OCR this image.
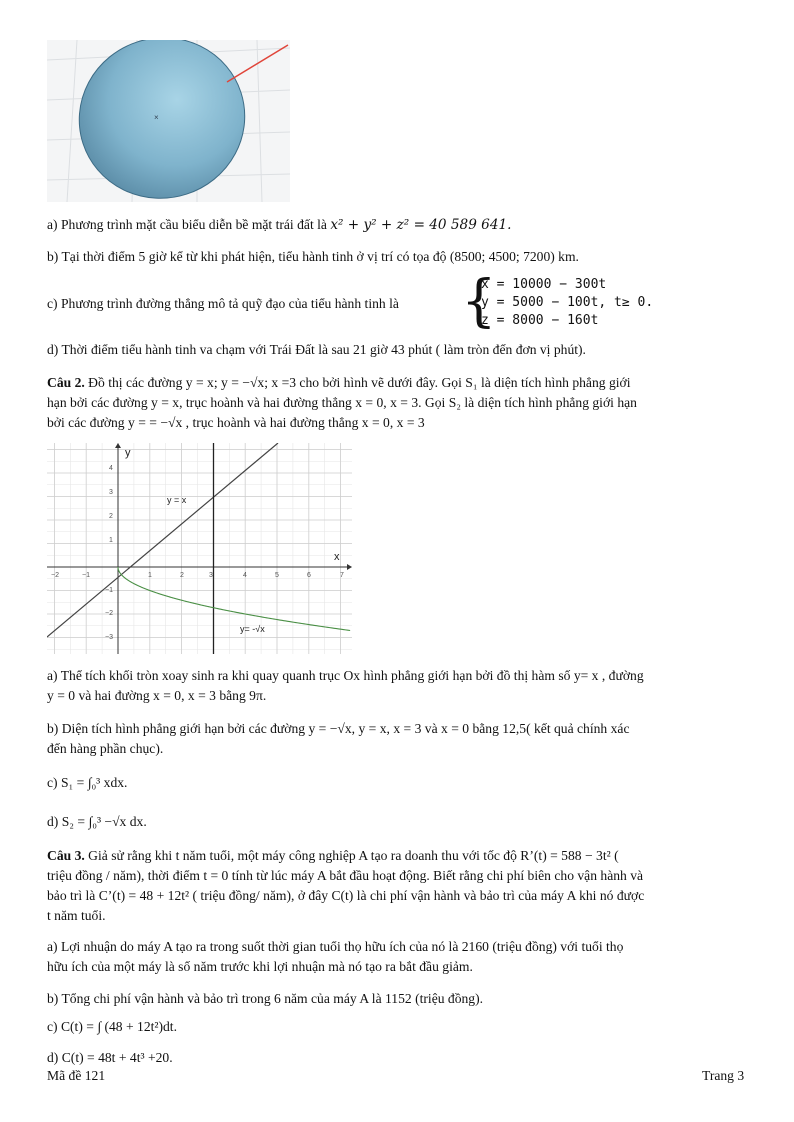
×
a) Phương trình mặt cầu biểu diễn bề mặt trái đất là x² + y² + z² = 40 589 641.
b) Tại thời điểm 5 giờ kể từ khi phát hiện, tiểu hành tinh ở vị trí có tọa độ (8500; 4500; 7200) km.
c) Phương trình đường thẳng mô tả quỹ đạo của tiểu hành tinh là	{
x = 10000 − 300t
y = 5000 − 100t, t≥ 0.
z = 8000 − 160t
d) Thời điểm tiểu hành tinh va chạm với Trái Đất là sau 21 giờ 43 phút ( làm tròn đến đơn vị phút).
Câu 2. Đồ thị các đường y = x; y = −√x; x =3 cho bởi hình vẽ dưới đây. Gọi S₁ là diện tích hình phẳng giới
hạn bởi các đường y = x, trục hoành và hai đường thẳng x = 0, x = 3. Gọi S₂ là diện tích hình phẳng giới hạn
bởi các đường y = = −√x , trục hoành và hai đường thẳng x = 0, x = 3
y
x
y = x
y= -√x
−2	−1	1	2	3	4	5	6	7
4
3
2
1
−1
−2
−3
a) Thể tích khối tròn xoay sinh ra khi quay quanh trục Ox hình phẳng giới hạn bởi đồ thị hàm số y= x , đường
y = 0 và hai đường x = 0, x = 3 bằng 9π.
b) Diện tích hình phẳng giới hạn bởi các đường y = −√x, y = x, x = 3 và x = 0 bằng 12,5( kết quả chính xác
đến hàng phần chục).
c) S₁ = ∫₀³ xdx.
d) S₂ = ∫₀³ −√x dx.
Câu 3. Giả sử rằng khi t năm tuổi, một máy công nghiệp A tạo ra doanh thu với tốc độ R’(t) = 588 − 3t² (
triệu đồng / năm), thời điểm t = 0 tính từ lúc máy A bắt đầu hoạt động. Biết rằng chi phí biên cho vận hành và
bảo trì là C’(t) = 48 + 12t² ( triệu đồng/ năm), ở đây C(t) là chi phí vận hành và bảo trì của máy A khi nó được
t năm tuổi.
a) Lợi nhuận do máy A tạo ra trong suốt thời gian tuổi thọ hữu ích của nó là 2160 (triệu đồng) với tuổi thọ
hữu ích của một máy là số năm trước khi lợi nhuận mà nó tạo ra bắt đầu giảm.
b) Tổng chi phí vận hành và bảo trì trong 6 năm của máy A là 1152 (triệu đồng).
c) C(t) = ∫ (48 + 12t²)dt.
d) C(t) = 48t + 4t³ +20.
Mã đề 121	Trang 3
